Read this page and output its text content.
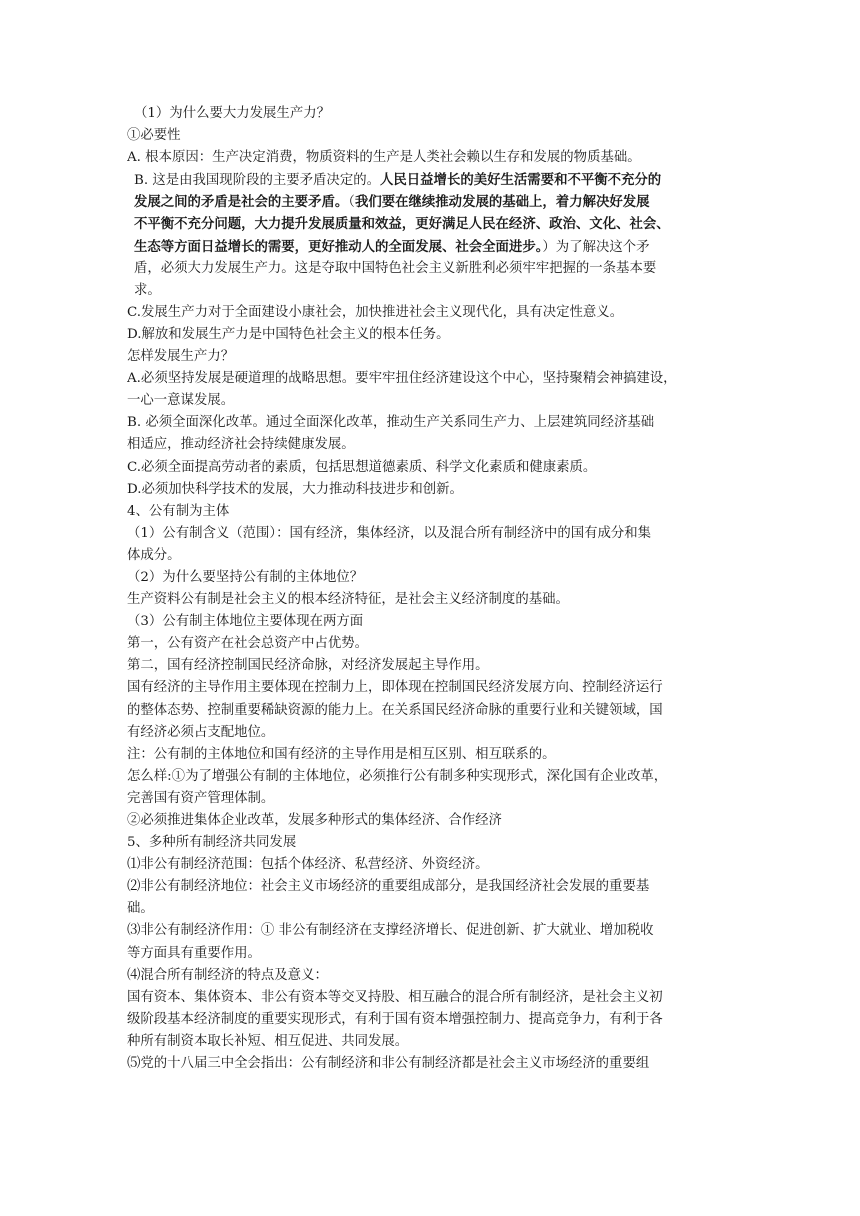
（1）为什么要大力发展生产力？
①必要性
A. 根本原因：生产决定消费，物质资料的生产是人类社会赖以生存和发展的物质基础。
B. 这是由我国现阶段的主要矛盾决定的。人民日益增长的美好生活需要和不平衡不充分的
发展之间的矛盾是社会的主要矛盾。（我们要在继续推动发展的基础上，着力解决好发展
不平衡不充分问题，大力提升发展质量和效益，更好满足人民在经济、政治、文化、社会、
生态等方面日益增长的需要，更好推动人的全面发展、社会全面进步。）为了解决这个矛
盾，必须大力发展生产力。这是夺取中国特色社会主义新胜利必须牢牢把握的一条基本要
求。
C.发展生产力对于全面建设小康社会，加快推进社会主义现代化，具有决定性意义。
D.解放和发展生产力是中国特色社会主义的根本任务。
怎样发展生产力？
A.必须坚持发展是硬道理的战略思想。要牢牢扭住经济建设这个中心，坚持聚精会神搞建设，
一心一意谋发展。
B. 必须全面深化改革。通过全面深化改革，推动生产关系同生产力、上层建筑同经济基础
相适应，推动经济社会持续健康发展。
C.必须全面提高劳动者的素质，包括思想道德素质、科学文化素质和健康素质。
D.必须加快科学技术的发展，大力推动科技进步和创新。
4、公有制为主体
（1）公有制含义（范围）：国有经济，集体经济，以及混合所有制经济中的国有成分和集
体成分。
（2）为什么要坚持公有制的主体地位？
生产资料公有制是社会主义的根本经济特征，是社会主义经济制度的基础。
（3）公有制主体地位主要体现在两方面
第一，公有资产在社会总资产中占优势。
第二，国有经济控制国民经济命脉，对经济发展起主导作用。
国有经济的主导作用主要体现在控制力上，即体现在控制国民经济发展方向、控制经济运行
的整体态势、控制重要稀缺资源的能力上。在关系国民经济命脉的重要行业和关键领域，国
有经济必须占支配地位。
注：公有制的主体地位和国有经济的主导作用是相互区别、相互联系的。
怎么样:①为了增强公有制的主体地位，必须推行公有制多种实现形式，深化国有企业改革，
完善国有资产管理体制。
②必须推进集体企业改革，发展多种形式的集体经济、合作经济
5、多种所有制经济共同发展
⑴非公有制经济范围：包括个体经济、私营经济、外资经济。
⑵非公有制经济地位：社会主义市场经济的重要组成部分，是我国经济社会发展的重要基
础。
⑶非公有制经济作用：① 非公有制经济在支撑经济增长、促进创新、扩大就业、增加税收
等方面具有重要作用。
⑷混合所有制经济的特点及意义：
国有资本、集体资本、非公有资本等交叉持股、相互融合的混合所有制经济，是社会主义初
级阶段基本经济制度的重要实现形式，有利于国有资本增强控制力、提高竞争力，有利于各
种所有制资本取长补短、相互促进、共同发展。
⑸党的十八届三中全会指出：公有制经济和非公有制经济都是社会主义市场经济的重要组
